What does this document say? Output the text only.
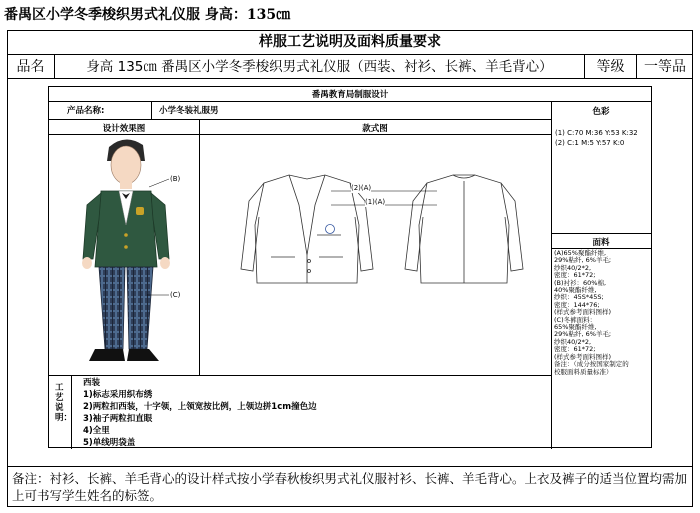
番禺区小学冬季梭织男式礼仪服 身高：135㎝
样服工艺说明及面料质量要求
品名	身高 135㎝ 番禺区小学冬季梭织男式礼仪服（西装、衬衫、长裤、羊毛背心）	等级	一等品
番禺教育局制服设计
产品名称:	小学冬装礼服男	色彩
设计效果图	款式图	(1) C:70 M:36 Y:53 K:32
(2) C:1 M:5 Y:57 K:0
面料
(A)65%聚酯纤维,
29%粘纤, 6%羊毛;
纱织40/2*2,
密度：61*72;
(B)衬衫：60%棉,
40%聚酯纤维,
纱织：45S*45S;
密度：144*76;
(样式参考面料图样)
(C)冬裤面料：
65%聚酯纤维,
29%粘纤, 6%羊毛;
纱织40/2*2,
密度：61*72;
(样式参考面料图样)
备注：（成分按国家制定的
校服面料质量标准）
(B)
(C)
(2)(A)
(1)(A)
工艺说明：
西装
1)标志采用织布绣
2)两粒扣西装，十字领，上领宽按比例，上领边拼1cm撞色边
3)袖子两粒扣直眼
4)全里
5)单线明袋盖
备注：衬衫、长裤、羊毛背心的设计样式按小学春秋梭织男式礼仪服衬衫、长裤、羊毛背心。上衣及裤子的适当位置均需加上可书写学生姓名的标签。
